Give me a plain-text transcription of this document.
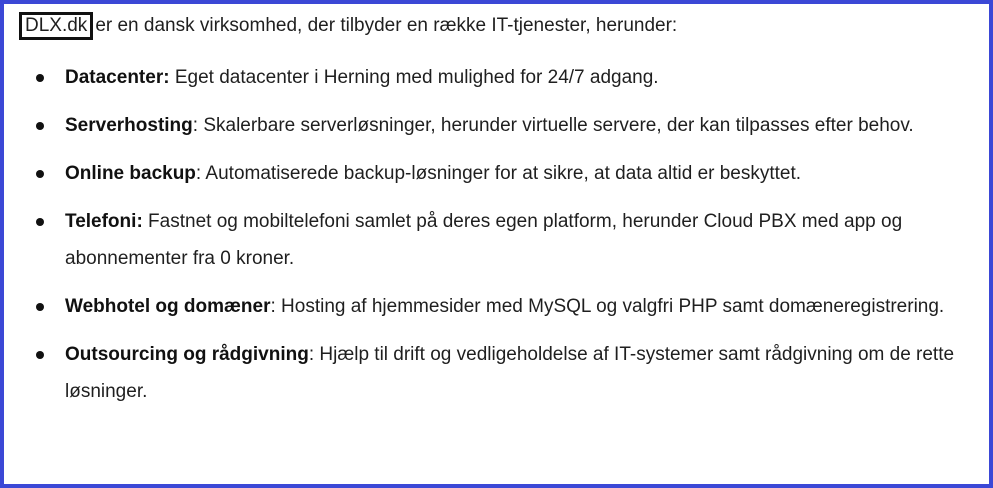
DLX.dk er en dansk virksomhed, der tilbyder en række IT-tjenester, herunder:

Datacenter: Eget datacenter i Herning med mulighed for 24/7 adgang.
Serverhosting: Skalerbare serverløsninger, herunder virtuelle servere, der kan tilpasses efter behov.
Online backup: Automatiserede backup-løsninger for at sikre, at data altid er beskyttet.
Telefoni: Fastnet og mobiltelefoni samlet på deres egen platform, herunder Cloud PBX med app og abonnementer fra 0 kroner.
Webhotel og domæner: Hosting af hjemmesider med MySQL og valgfri PHP samt domæneregistrering.
Outsourcing og rådgivning: Hjælp til drift og vedligeholdelse af IT-systemer samt rådgivning om de rette løsninger.
